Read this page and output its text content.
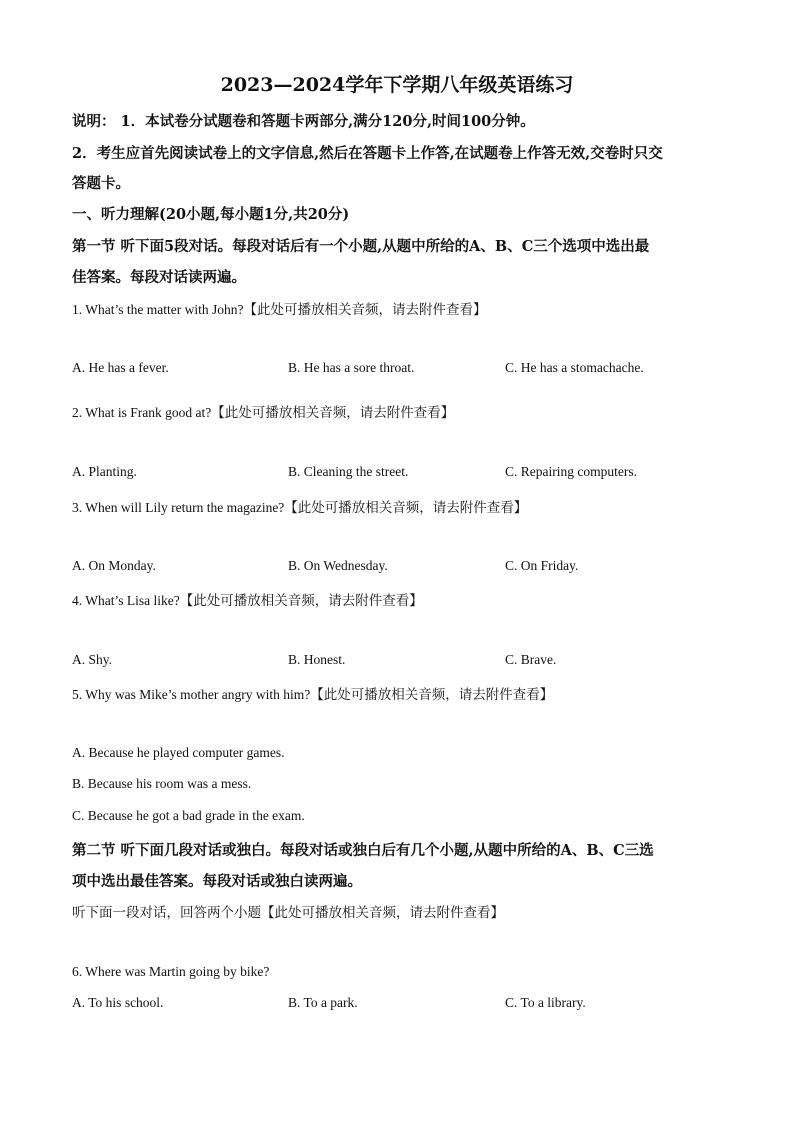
2023—2024学年下学期八年级英语练习
说明： 1．本试卷分试题卷和答题卡两部分,满分120分,时间100分钟。
2．考生应首先阅读试卷上的文字信息,然后在答题卡上作答,在试题卷上作答无效,交卷时只交
答题卡。
一、听力理解(20小题,每小题1分,共20分)
第一节 听下面5段对话。每段对话后有一个小题,从题中所给的A、B、C三个选项中选出最
佳答案。每段对话读两遍。
1. What’s the matter with John?【此处可播放相关音频，请去附件查看】
A. He has a fever.	B. He has a sore throat.	C. He has a stomachache.
2. What is Frank good at?【此处可播放相关音频，请去附件查看】
A. Planting.	B. Cleaning the street.	C. Repairing computers.
3. When will Lily return the magazine?【此处可播放相关音频，请去附件查看】
A. On Monday.	B. On Wednesday.	C. On Friday.
4. What’s Lisa like?【此处可播放相关音频，请去附件查看】
A. Shy.	B. Honest.	C. Brave.
5. Why was Mike’s mother angry with him?【此处可播放相关音频，请去附件查看】
A. Because he played computer games.
B. Because his room was a mess.
C. Because he got a bad grade in the exam.
第二节 听下面几段对话或独白。每段对话或独白后有几个小题,从题中所给的A、B、C三选
项中选出最佳答案。每段对话或独白读两遍。
听下面一段对话，回答两个小题【此处可播放相关音频，请去附件查看】
6. Where was Martin going by bike?
A. To his school.	B. To a park.	C. To a library.
